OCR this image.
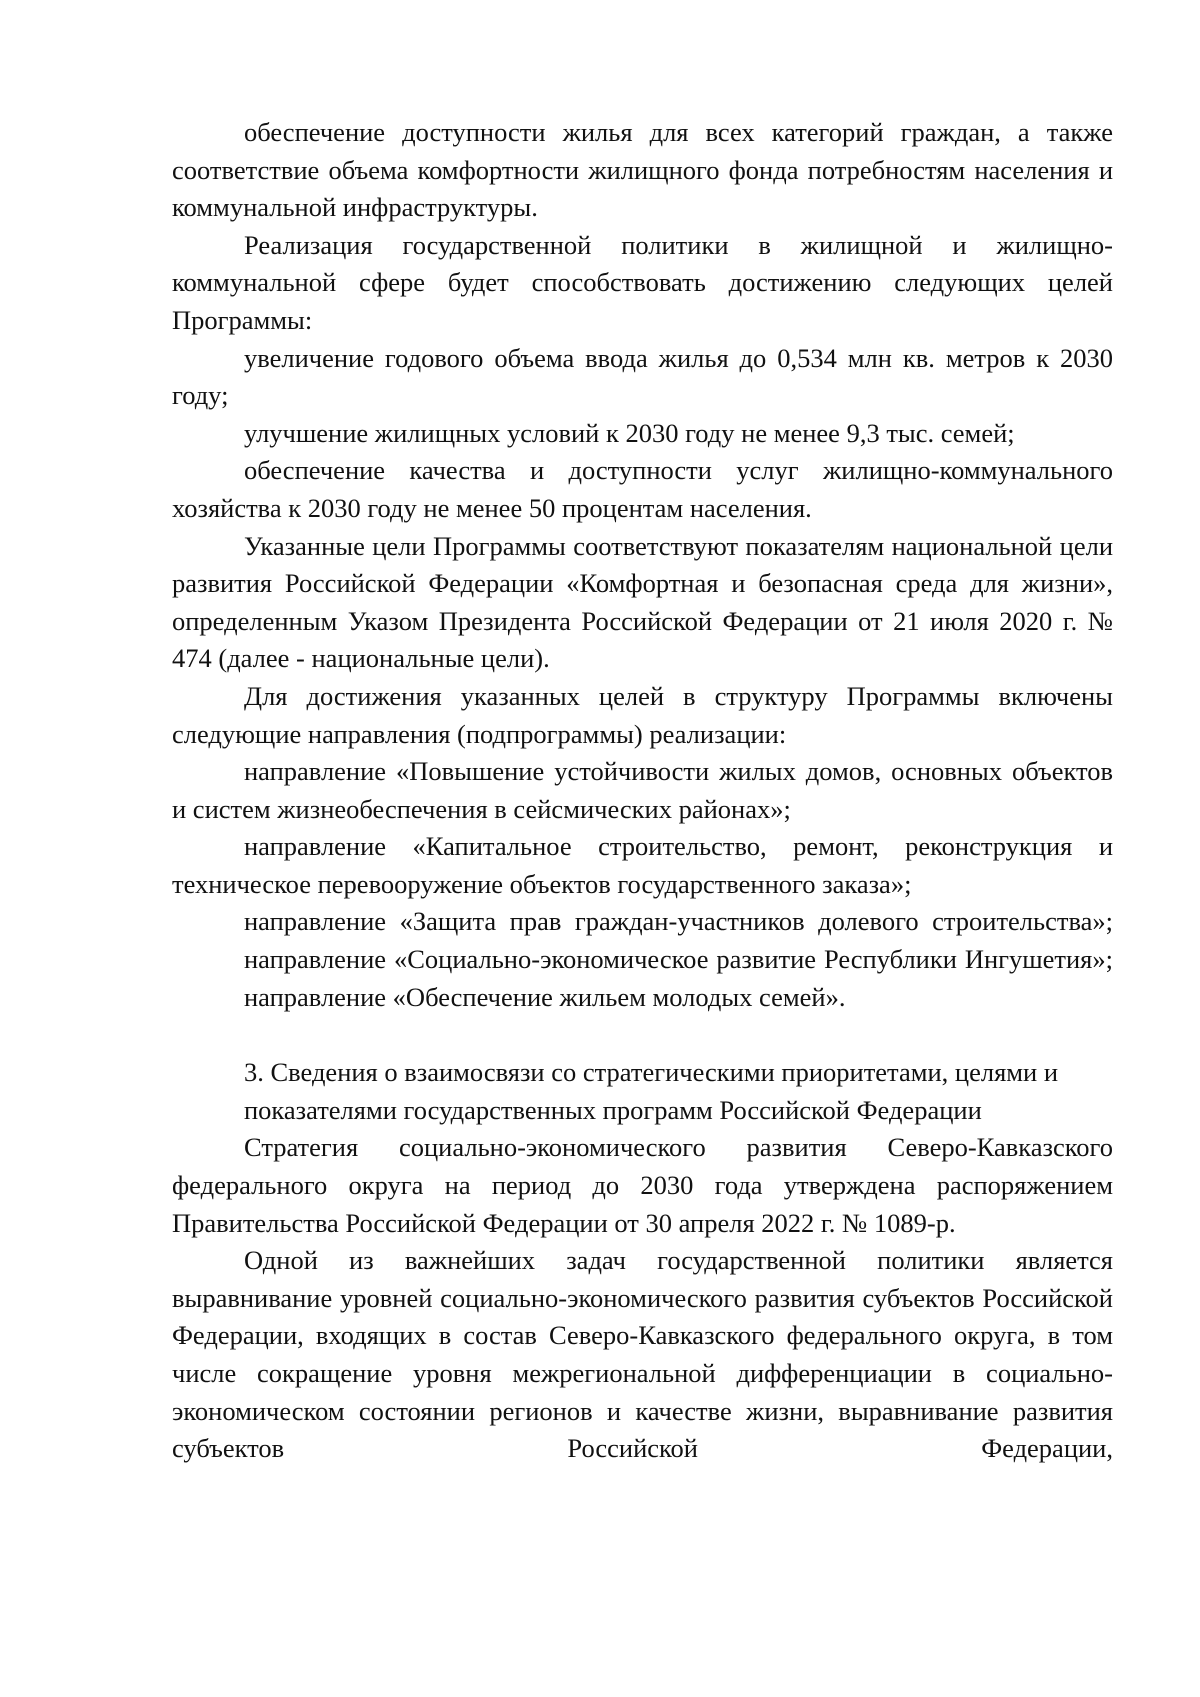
обеспечение доступности жилья для всех категорий граждан, а также соответствие объема комфортности жилищного фонда потребностям населения и коммунальной инфраструктуры.

Реализация государственной политики в жилищной и жилищно-коммунальной сфере будет способствовать достижению следующих целей Программы:

увеличение годового объема ввода жилья до 0,534 млн кв. метров к 2030 году;

улучшение жилищных условий к 2030 году не менее 9,3 тыс. семей;

обеспечение качества и доступности услуг жилищно-коммунального хозяйства к 2030 году не менее 50 процентам населения.

Указанные цели Программы соответствуют показателям национальной цели развития Российской Федерации «Комфортная и безопасная среда для жизни», определенным Указом Президента Российской Федерации от 21 июля 2020 г. № 474 (далее - национальные цели).

Для достижения указанных целей в структуру Программы включены следующие направления (подпрограммы) реализации:

направление «Повышение устойчивости жилых домов, основных объектов и систем жизнеобеспечения в сейсмических районах»;

направление «Капитальное строительство, ремонт, реконструкция и техническое перевооружение объектов государственного заказа»;

направление «Защита прав граждан-участников долевого строительства»;

направление «Социально-экономическое развитие Республики Ингушетия»;

направление «Обеспечение жильем молодых семей».

3. Сведения о взаимосвязи со стратегическими приоритетами, целями и

показателями государственных программ Российской Федерации

Стратегия социально-экономического развития Северо-Кавказского федерального округа на период до 2030 года утверждена распоряжением Правительства Российской Федерации от 30 апреля 2022 г. № 1089-р.

Одной из важнейших задач государственной политики является выравнивание уровней социально-экономического развития субъектов Российской Федерации, входящих в состав Северо-Кавказского федерального округа, в том числе сокращение уровня межрегиональной дифференциации в социально-экономическом состоянии регионов и качестве жизни, выравнивание развития субъектов Российской Федерации,
